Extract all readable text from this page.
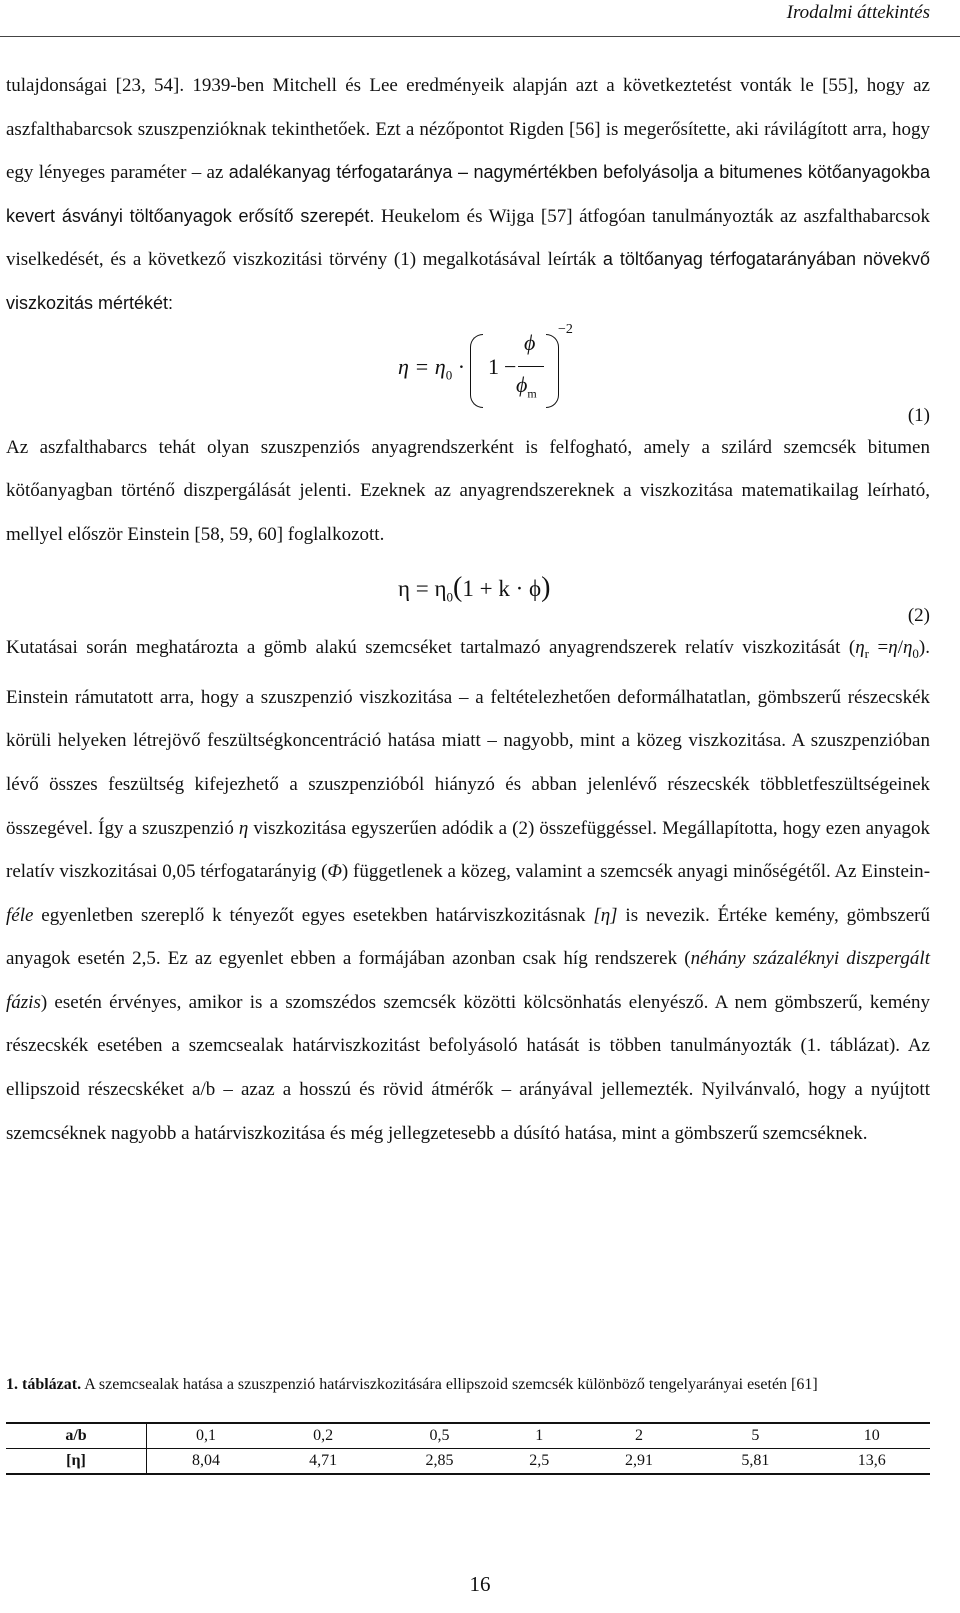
Irodalmi áttekintés

tulajdonságai [23, 54]. 1939-ben Mitchell és Lee eredményeik alapján azt a következtetést vonták le [55], hogy az aszfalthabarcsok szuszpenzióknak tekinthetőek. Ezt a nézőpontot Rigden [56] is megerősítette, aki rávilágított arra, hogy egy lényeges paraméter – az adalékanyag térfogataránya – nagymértékben befolyásolja a bitumenes kötőanyagokba kevert ásványi töltőanyagok erősítő szerepét. Heukelom és Wijga [57] átfogóan tanulmányozták az aszfalthabarcsok viselkedését, és a következő viszkozitási törvény (1) megalkotásával leírták a töltőanyag térfogatarányában növekvő viszkozitás mértékét:

$\eta = \eta_0 \cdot 1$ −
ϕ
$\phi_m$
−2
(1)

Az aszfalthabarcs tehát olyan szuszpenziós anyagrendszerként is felfogható, amely a szilárd szemcsék bitumen kötőanyagban történő diszpergálását jelenti. Ezeknek az anyagrendszereknek a viszkozitása matematikailag leírható, mellyel először Einstein [58, 59, 60] foglalkozott.

$\eta = \eta_0(1 + k \cdot \phi)$
(2)

Kutatásai során meghatározta a gömb alakú szemcséket tartalmazó anyagrendszerek relatív viszkozitását $(\eta_r =\eta/\eta_0)$. Einstein rámutatott arra, hogy a szuszpenzió viszkozitása – a feltételezhetően deformálhatatlan, gömbszerű részecskék körüli helyeken létrejövő feszültségkoncentráció hatása miatt – nagyobb, mint a közeg viszkozitása. A szuszpenzióban lévő összes feszültség kifejezhető a szuszpenzióból hiányzó és abban jelenlévő részecskék többletfeszültségeinek összegével. Így a szuszpenzió η viszkozitása egyszerűen adódik a (2) összefüggéssel. Megállapította, hogy ezen anyagok relatív viszkozitásai 0,05 térfogatarányig (Φ) függetlenek a közeg, valamint a szemcsék anyagi minőségétől. Az Einstein-féle egyenletben szereplő k tényezőt egyes esetekben határviszkozitásnak [η] is nevezik. Értéke kemény, gömbszerű anyagok esetén 2,5. Ez az egyenlet ebben a formájában azonban csak híg rendszerek (néhány százaléknyi diszpergált fázis) esetén érvényes, amikor is a szomszédos szemcsék közötti kölcsönhatás elenyésző. A nem gömbszerű, kemény részecskék esetében a szemcsealak határviszkozitást befolyásoló hatását is többen tanulmányozták (1. táblázat). Az ellipszoid részecskéket a/b – azaz a hosszú és rövid átmérők – arányával jellemezték. Nyilvánvaló, hogy a nyújtott szemcséknek nagyobb a határviszkozitása és még jellegzetesebb a dúsító hatása, mint a gömbszerű szemcséknek.

1. táblázat. A szemcsealak hatása a szuszpenzió határviszkozitására ellipszoid szemcsék különböző tengelyarányai esetén [61]
a/b	0,1	0,2	0,5	1	2	5	10
[η]	8,04	4,71	2,85	2,5	2,91	5,81	13,6
16
